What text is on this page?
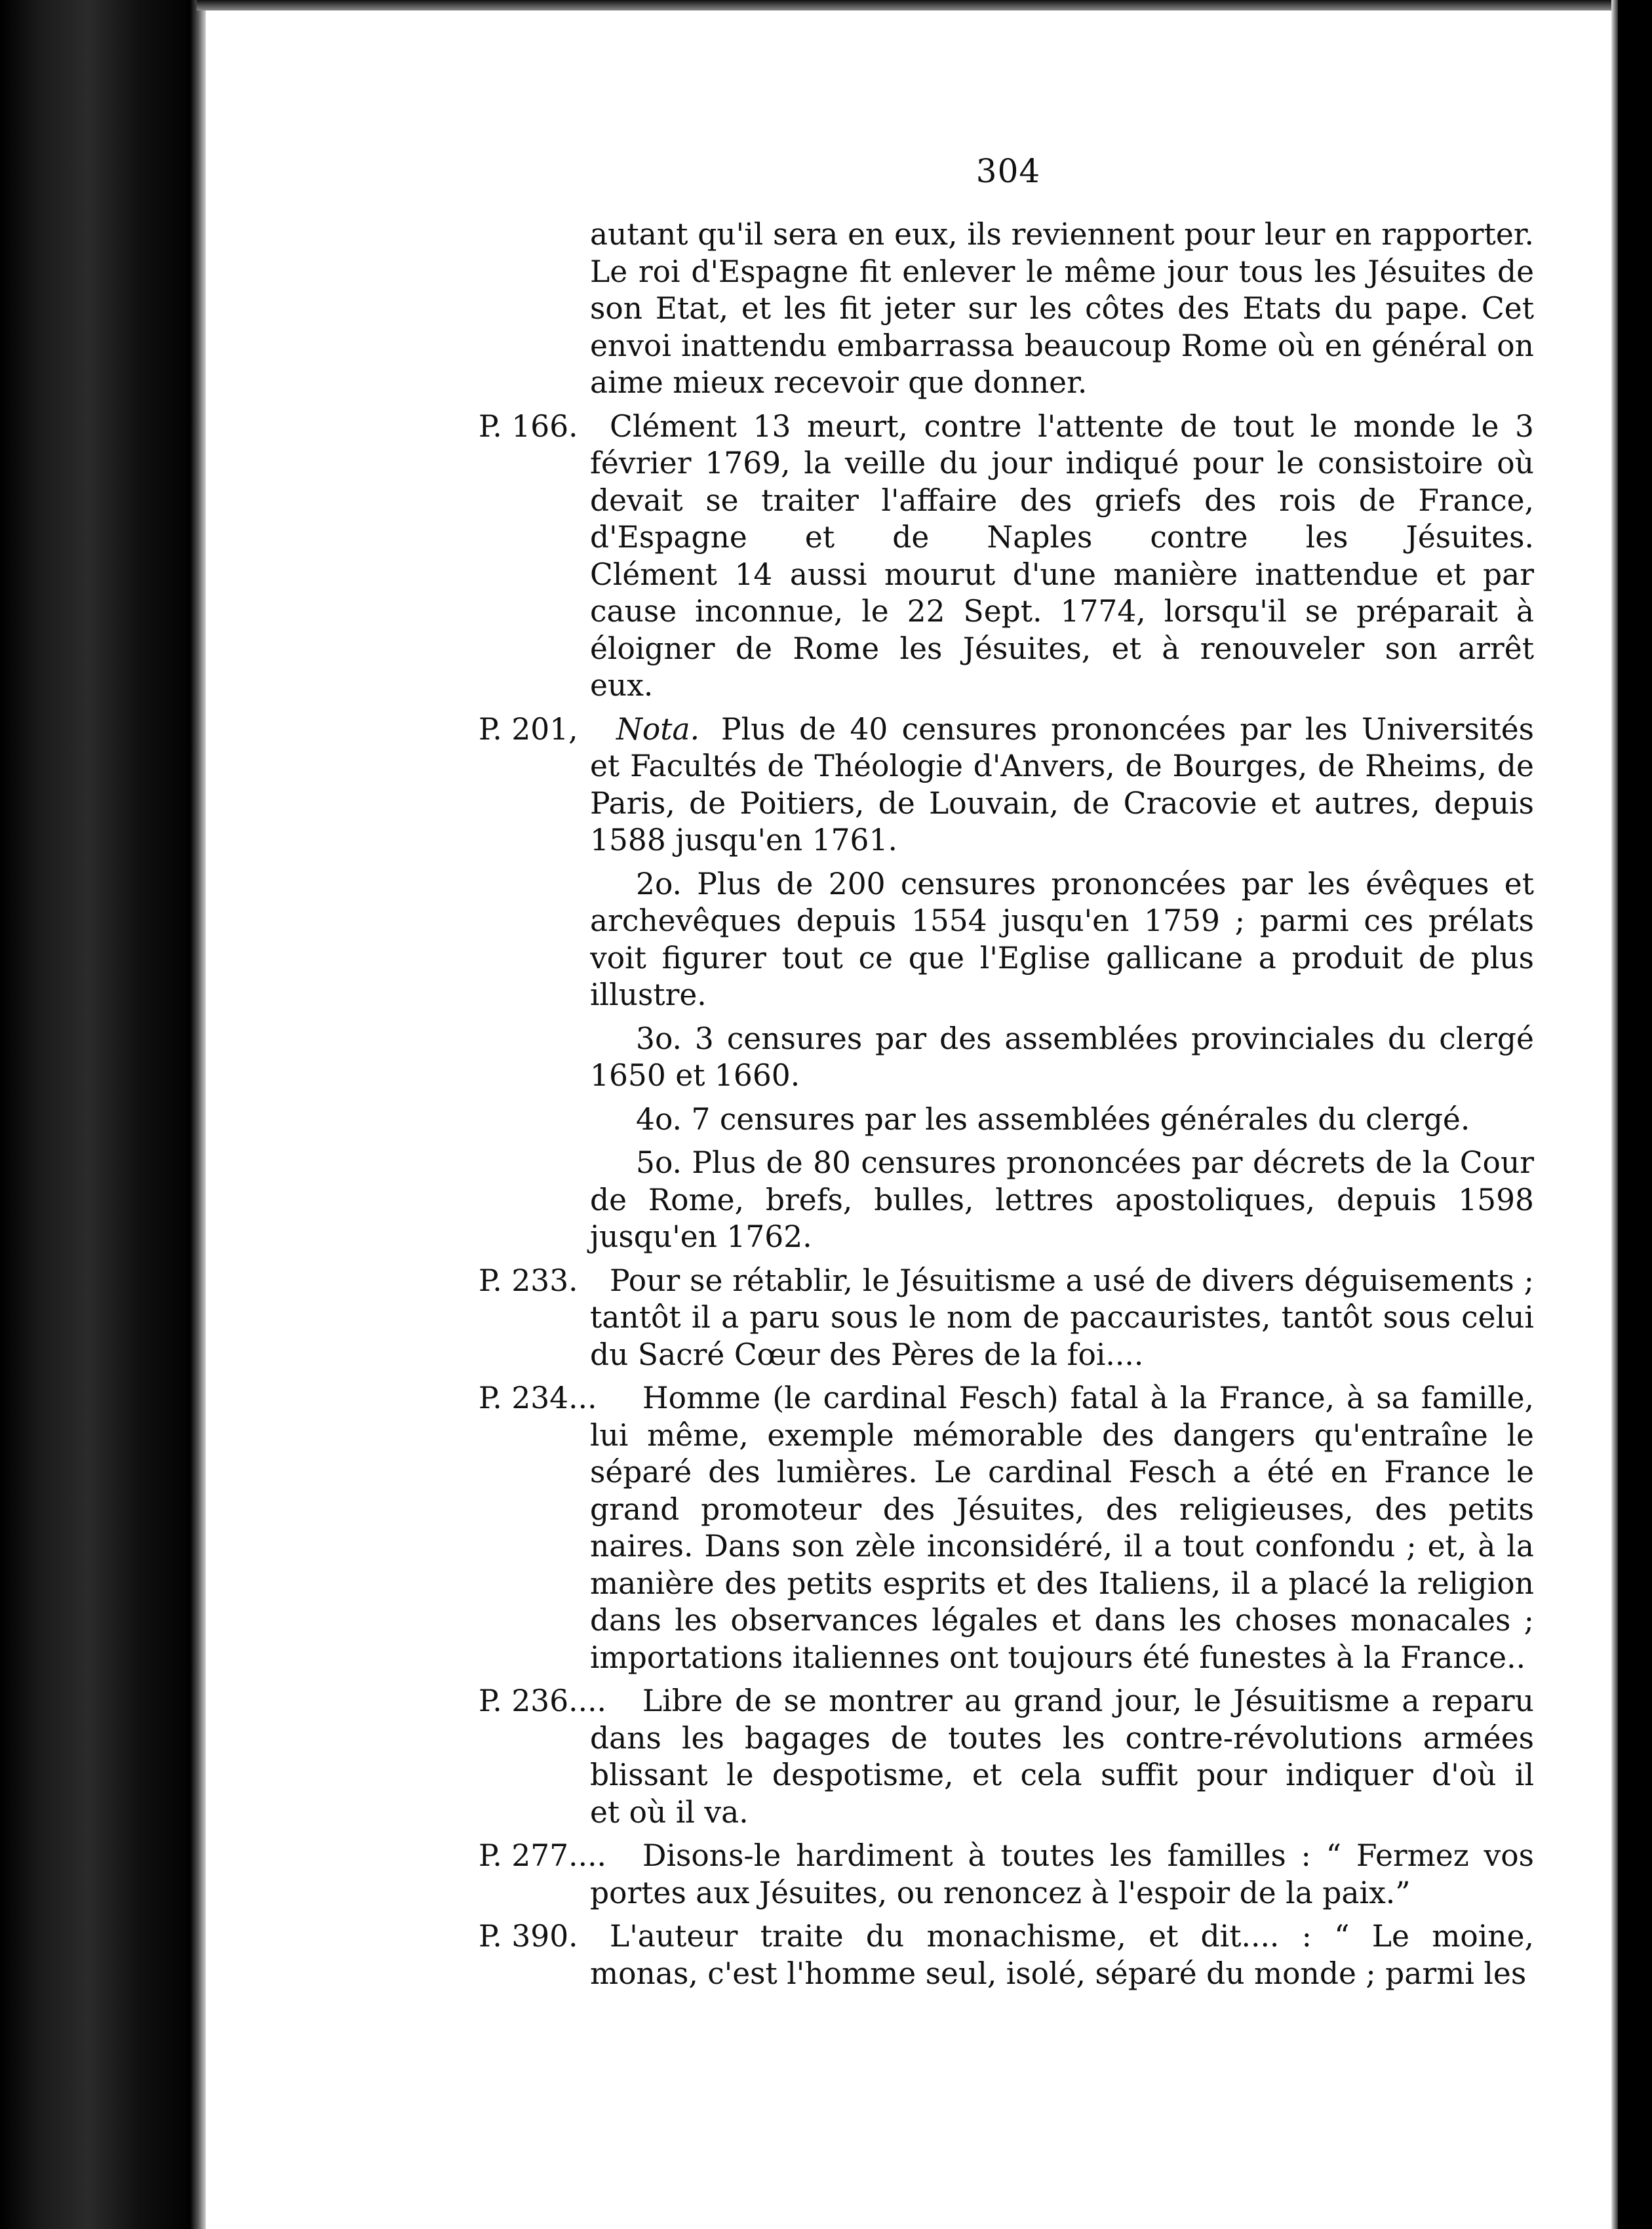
304
autant qu'il sera en eux, ils reviennent pour leur en rapporter.
Le roi d'Espagne fit enlever le même jour tous les Jésuites de
son Etat, et les fit jeter sur les côtes des Etats du pape. Cet
envoi inattendu embarrassa beaucoup Rome où en général on
aime mieux recevoir que donner.
P. 166. Clément 13 meurt, contre l'attente de tout le monde le 3
février 1769, la veille du jour indiqué pour le consistoire où
devait se traiter l'affaire des griefs des rois de France,
d'Espagne et de Naples contre les Jésuites.
Clément 14 aussi mourut d'une manière inattendue et par
cause inconnue, le 22 Sept. 1774, lorsqu'il se préparait à
éloigner de Rome les Jésuites, et à renouveler son arrêt
eux.
P. 201, Nota. Plus de 40 censures prononcées par les Universités
et Facultés de Théologie d'Anvers, de Bourges, de Rheims, de
Paris, de Poitiers, de Louvain, de Cracovie et autres, depuis
1588 jusqu'en 1761.
2o. Plus de 200 censures prononcées par les évêques et
archevêques depuis 1554 jusqu'en 1759 ; parmi ces prélats
voit figurer tout ce que l'Eglise gallicane a produit de plus
illustre.
3o. 3 censures par des assemblées provinciales du clergé
1650 et 1660.
4o. 7 censures par les assemblées générales du clergé.
5o. Plus de 80 censures prononcées par décrets de la Cour
de Rome, brefs, bulles, lettres apostoliques, depuis 1598
jusqu'en 1762.
P. 233. Pour se rétablir, le Jésuitisme a usé de divers déguisements ;
tantôt il a paru sous le nom de paccauristes, tantôt sous celui
du Sacré Cœur des Pères de la foi....
P. 234... Homme (le cardinal Fesch) fatal à la France, à sa famille,
lui même, exemple mémorable des dangers qu'entraîne le
séparé des lumières. Le cardinal Fesch a été en France le
grand promoteur des Jésuites, des religieuses, des petits
naires. Dans son zèle inconsidéré, il a tout confondu ; et, à la
manière des petits esprits et des Italiens, il a placé la religion
dans les observances légales et dans les choses monacales ;
importations italiennes ont toujours été funestes à la France..
P. 236.... Libre de se montrer au grand jour, le Jésuitisme a reparu
dans les bagages de toutes les contre-révolutions armées
blissant le despotisme, et cela suffit pour indiquer d'où il
et où il va.
P. 277.... Disons-le hardiment à toutes les familles : “ Fermez vos
portes aux Jésuites, ou renoncez à l'espoir de la paix.”
P. 390. L'auteur traite du monachisme, et dit.... : “ Le moine,
monas, c'est l'homme seul, isolé, séparé du monde ; parmi les
